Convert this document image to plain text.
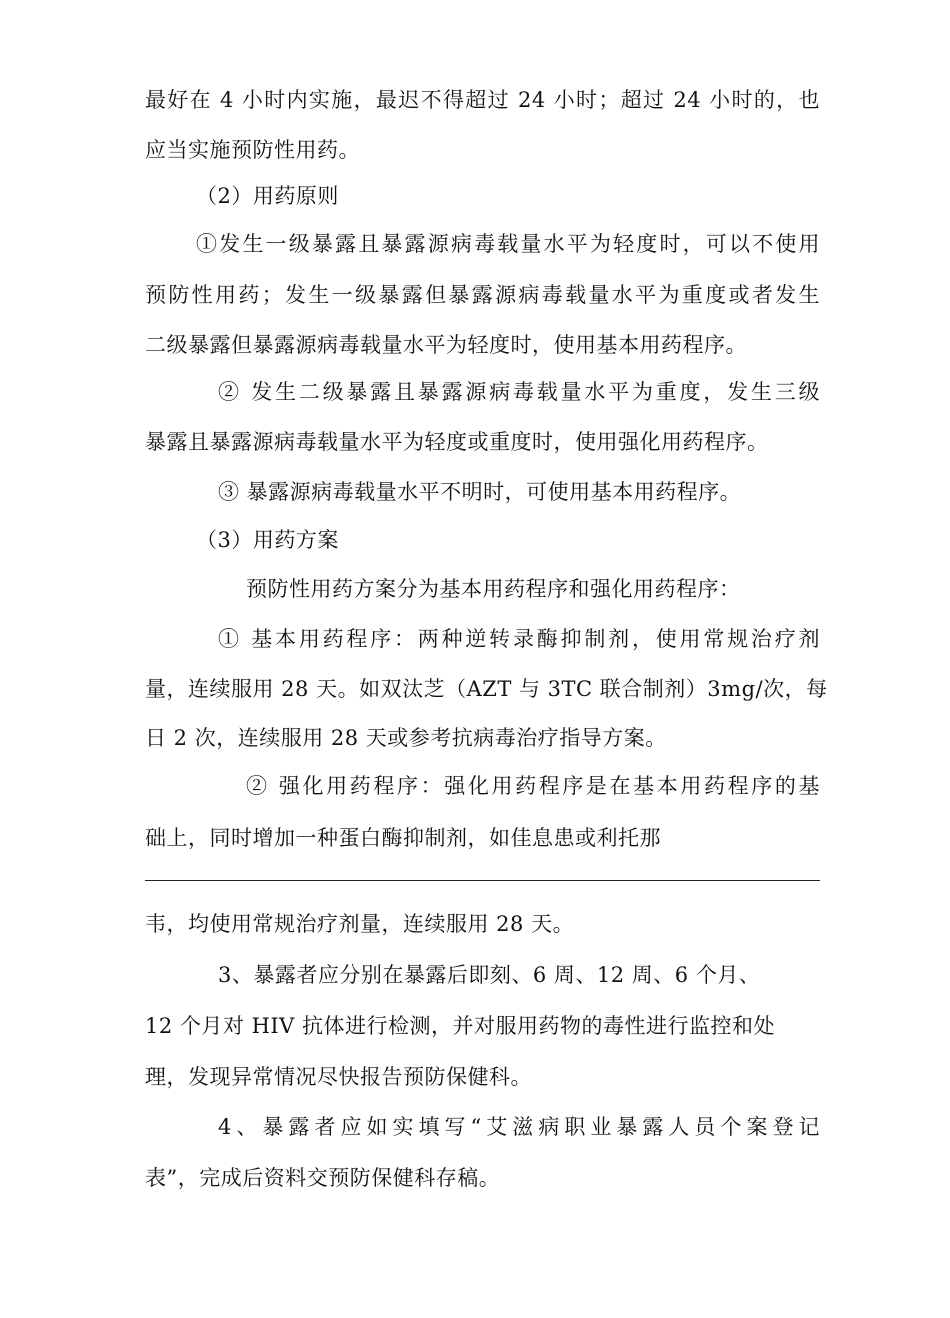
最好在 4 小时内实施，最迟不得超过 24 小时；超过 24 小时的，也
应当实施预防性用药。
（2）用药原则
①发生一级暴露且暴露源病毒载量水平为轻度时，可以不使用
预防性用药；发生一级暴露但暴露源病毒载量水平为重度或者发生
二级暴露但暴露源病毒载量水平为轻度时，使用基本用药程序。
② 发生二级暴露且暴露源病毒载量水平为重度，发生三级
暴露且暴露源病毒载量水平为轻度或重度时，使用强化用药程序。
③ 暴露源病毒载量水平不明时，可使用基本用药程序。
（3）用药方案
预防性用药方案分为基本用药程序和强化用药程序：
① 基本用药程序：两种逆转录酶抑制剂，使用常规治疗剂
量，连续服用 28 天。如双汰芝（AZT 与 3TC 联合制剂）3mg/次，每
日 2 次，连续服用 28 天或参考抗病毒治疗指导方案。
② 强化用药程序：强化用药程序是在基本用药程序的基
础上，同时增加一种蛋白酶抑制剂，如佳息患或利托那
韦，均使用常规治疗剂量，连续服用 28 天。
3、暴露者应分别在暴露后即刻、6 周、12 周、6 个月、
12 个月对 HIV 抗体进行检测，并对服用药物的毒性进行监控和处
理，发现异常情况尽快报告预防保健科。
4、暴露者应如实填写“艾滋病职业暴露人员个案登记
表”，完成后资料交预防保健科存稿。
